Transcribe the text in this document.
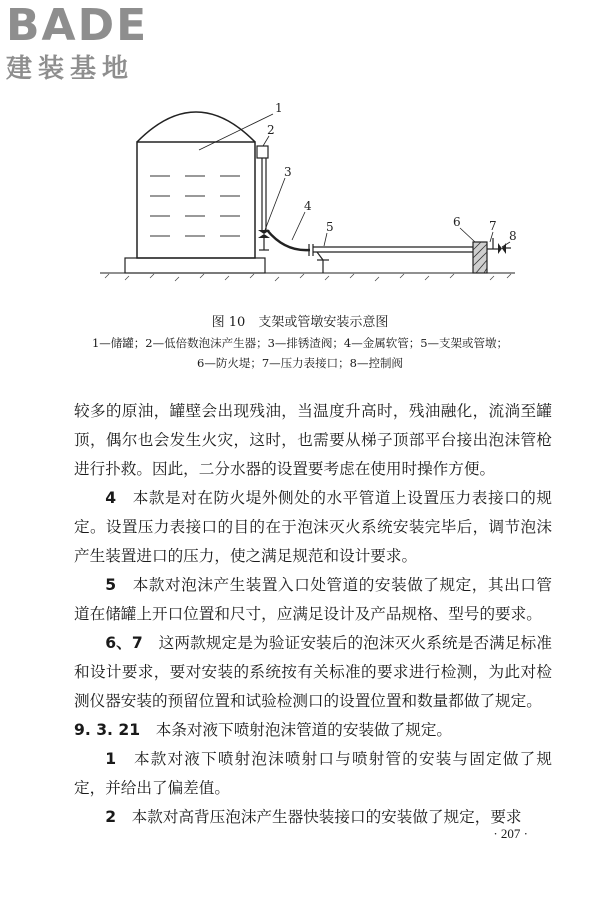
BADE
建装基地
1
2
3
4
5	6 7
8
图 10　支架或管墩安装示意图
1—储罐；2—低倍数泡沫产生器；3—排锈渣阀；4—金属软管；5—支架或管墩；
6—防火堤；7—压力表接口；8—控制阀

较多的原油，罐壁会出现残油，当温度升高时，残油融化，流淌至罐顶，偶尔也会发生火灾，这时，也需要从梯子顶部平台接出泡沫管枪进行扑救。因此，二分水器的设置要考虑在使用时操作方便。

4　 本款是对在防火堤外侧处的水平管道上设置压力表接口的规定。设置压力表接口的目的在于泡沫灭火系统安装完毕后，调节泡沫产生装置进口的压力，使之满足规范和设计要求。

5　 本款对泡沫产生装置入口处管道的安装做了规定，其出口管道在储罐上开口位置和尺寸，应满足设计及产品规格、型号的要求。

6、7　 这两款规定是为验证安装后的泡沫灭火系统是否满足标准和设计要求，要对安装的系统按有关标准的要求进行检测，为此对检测仪器安装的预留位置和试验检测口的设置位置和数量都做了规定。

9. 3. 21　 本条对液下喷射泡沫管道的安装做了规定。

1　 本款对液下喷射泡沫喷射口与喷射管的安装与固定做了规定，并给出了偏差值。

2　 本款对高背压泡沫产生器快装接口的安装做了规定，要求

· 207 ·
